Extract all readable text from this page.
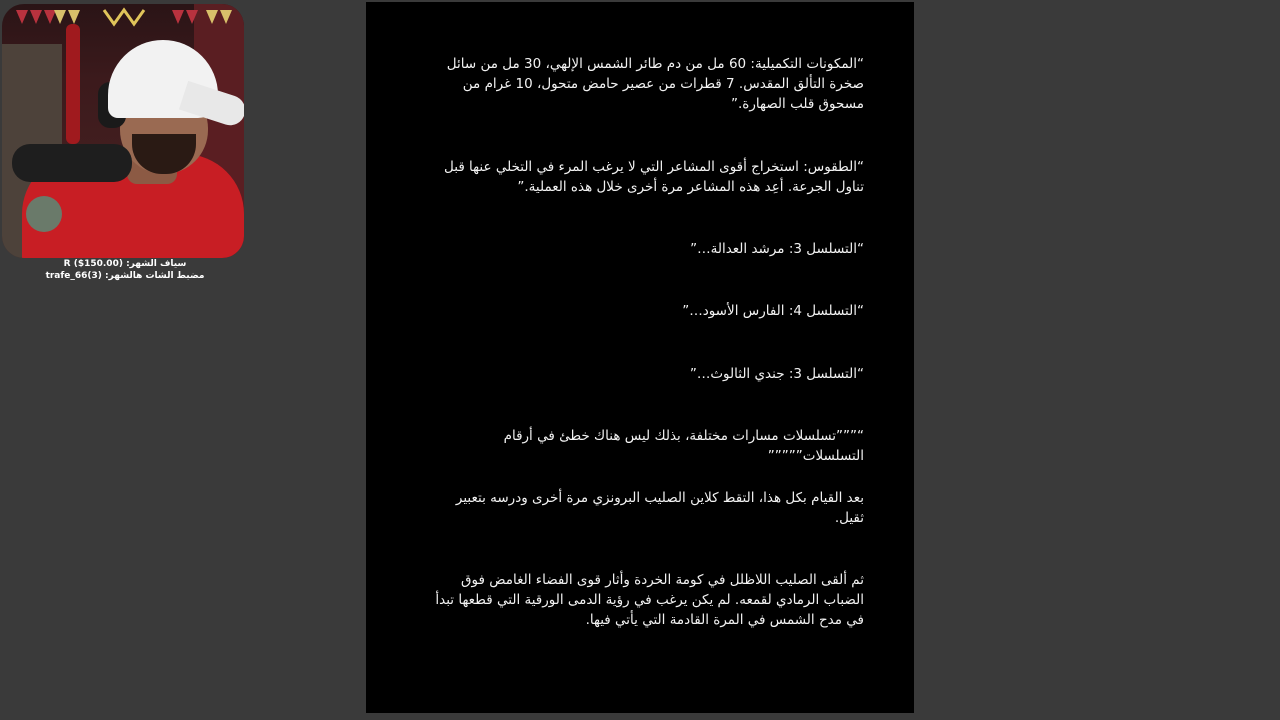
R ($150.00) :سياف الشهر
trafe_66(3) :مضبط الشات هالشهر
“المكونات التكميلية: 60 مل من دم طائر الشمس الإلهي، 30 مل من سائل صخرة التألق المقدس. 7 قطرات من عصير حامض متحول، 10 غرام من مسحوق قلب الصهارة.”
“الطقوس: استخراج أقوى المشاعر التي لا يرغب المرء في التخلي عنها قبل تناول الجرعة. أعِد هذه المشاعر مرة أخرى خلال هذه العملية.”
“التسلسل 3: مرشد العدالة…”
“التسلسل 4: الفارس الأسود…”
“التسلسل 3: جندي الثالوث…”
“”””تسلسلات مسارات مختلفة، بذلك ليس هناك خطئ في أرقام التسلسلات”””””
بعد القيام بكل هذا، التقط كلاين الصليب البرونزي مرة أخرى ودرسه بتعبير ثقيل.
ثم ألقى الصليب اللاظلل في كومة الخردة وأثار قوى الفضاء الغامض فوق الضباب الرمادي لقمعه. لم يكن يرغب في رؤية الدمى الورقية التي قطعها تبدأ في مدح الشمس في المرة القادمة التي يأتي فيها.
